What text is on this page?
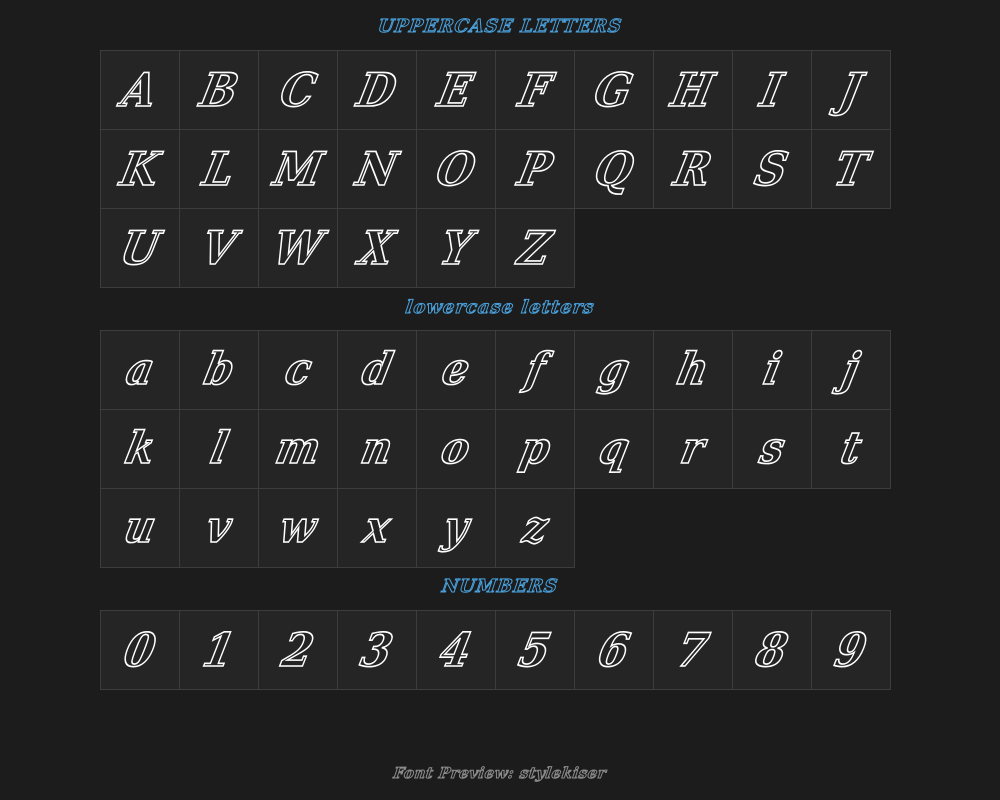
UPPERCASE LETTERS
A B C D E F G H I J
K L M N O P Q R S T
U V W X Y Z
lowercase letters
a b c d e f g h i j
k l m n o p q r s t
u v w x y z
NUMBERS
0 1 2 3 4 5 6 7 8 9
Font Preview: stylekiser
